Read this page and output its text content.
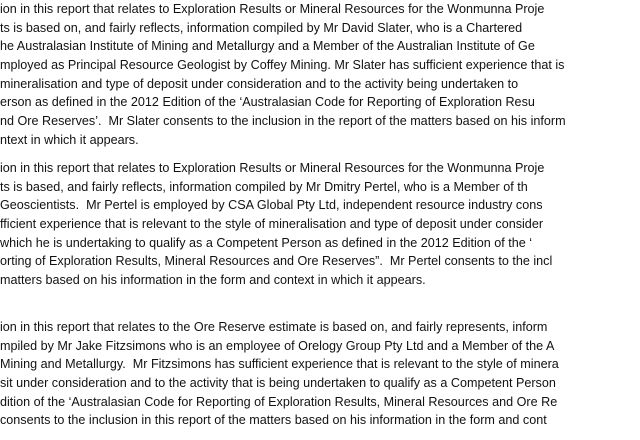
ion in this report that relates to Exploration Results or Mineral Resources for the Wonmunna Proje
ts is based on, and fairly reflects, information compiled by Mr David Slater, who is a Chartered
he Australasian Institute of Mining and Metallurgy and a Member of the Australian Institute of Ge
mployed as Principal Resource Geologist by Coffey Mining. Mr Slater has sufficient experience that is
mineralisation and type of deposit under consideration and to the activity being undertaken to
erson as defined in the 2012 Edition of the ‘Australasian Code for Reporting of Exploration Resu
nd Ore Reserves’.  Mr Slater consents to the inclusion in the report of the matters based on his inform
ntext in which it appears.
ion in this report that relates to Exploration Results or Mineral Resources for the Wonmunna Proje
ts is based, and fairly reflects, information compiled by Mr Dmitry Pertel, who is a Member of th
Geoscientists.  Mr Pertel is employed by CSA Global Pty Ltd, independent resource industry cons
fficient experience that is relevant to the style of mineralisation and type of deposit under consider
which he is undertaking to qualify as a Competent Person as defined in the 2012 Edition of the ‘
orting of Exploration Results, Mineral Resources and Ore Reserves”.  Mr Pertel consents to the incl
matters based on his information in the form and context in which it appears.
ion in this report that relates to the Ore Reserve estimate is based on, and fairly represents, inform
mpiled by Mr Jake Fitzsimons who is an employee of Orelogy Group Pty Ltd and a Member of the A
Mining and Metallurgy.  Mr Fitzsimons has sufficient experience that is relevant to the style of minera
sit under consideration and to the activity that is being undertaken to qualify as a Competent Person
dition of the ‘Australasian Code for Reporting of Exploration Results, Mineral Resources and Ore Re
consents to the inclusion in this report of the matters based on his information in the form and cont
